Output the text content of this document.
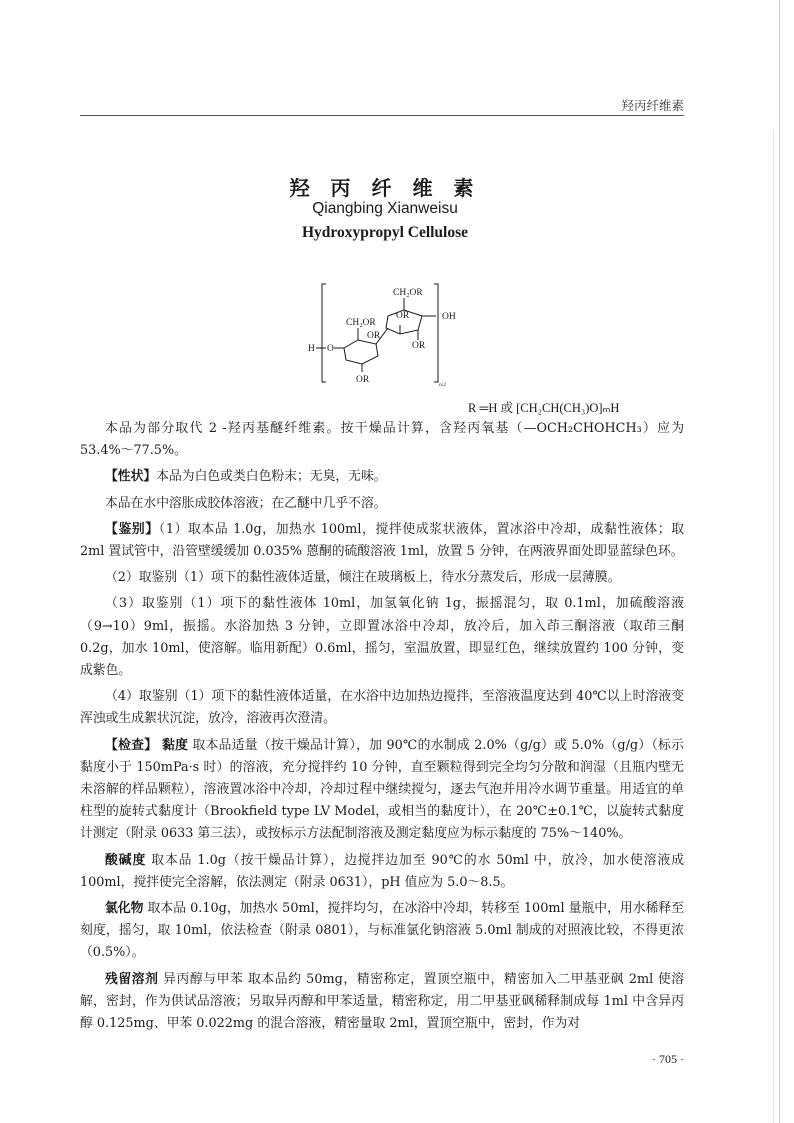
羟丙纤维素
羟 丙 纤 维 素
Qiangbing Xianweisu
Hydroxypropyl Cellulose
CH₂OR
OR	OH
CH₂OR
OR
OR
H O
OR	n/2
R ═H 或 [CH₂CH(CH₃)O]ₘH

本品为部分取代 2 -羟丙基醚纤维素。按干燥品计算，含羟丙氧基（—OCH₂CHOHCH₃）应为 53.4%～77.5%。

【性状】本品为白色或类白色粉末；无臭，无味。

本品在水中溶胀成胶体溶液；在乙醚中几乎不溶。

【鉴别】（1）取本品 1.0g，加热水 100ml，搅拌使成浆状液体，置冰浴中冷却，成黏性液体；取 2ml 置试管中，沿管壁缓缓加 0.035% 蒽酮的硫酸溶液 1ml，放置 5 分钟，在两液界面处即显蓝绿色环。

（2）取鉴别（1）项下的黏性液体适量，倾注在玻璃板上，待水分蒸发后，形成一层薄膜。

（3）取鉴别（1）项下的黏性液体 10ml，加氢氧化钠 1g，振摇混匀，取 0.1ml，加硫酸溶液（9→10）9ml，振摇。水浴加热 3 分钟，立即置冰浴中冷却，放冷后，加入茚三酮溶液（取茚三酮 0.2g，加水 10ml，使溶解。临用新配）0.6ml，摇匀，室温放置，即显红色，继续放置约 100 分钟，变成紫色。

（4）取鉴别（1）项下的黏性液体适量，在水浴中边加热边搅拌，至溶液温度达到 40℃以上时溶液变浑浊或生成絮状沉淀，放冷，溶液再次澄清。

【检查】 黏度 取本品适量（按干燥品计算），加 90℃的水制成 2.0%（g/g）或 5.0%（g/g）（标示黏度小于 150mPa·s 时）的溶液，充分搅拌约 10 分钟，直至颗粒得到完全均匀分散和润湿（且瓶内壁无未溶解的样品颗粒），溶液置冰浴中冷却，冷却过程中继续搅匀，逐去气泡并用冷水调节重量。用适宜的单柱型的旋转式黏度计（Brookfield type LV Model，或相当的黏度计），在 20℃±0.1℃，以旋转式黏度计测定（附录 0633 第三法），或按标示方法配制溶液及测定黏度应为标示黏度的 75%～140%。

酸碱度 取本品 1.0g（按干燥品计算），边搅拌边加至 90℃的水 50ml 中，放冷，加水使溶液成 100ml，搅拌使完全溶解，依法测定（附录 0631），pH 值应为 5.0～8.5。

氯化物 取本品 0.10g，加热水 50ml，搅拌均匀，在冰浴中冷却，转移至 100ml 量瓶中，用水稀释至刻度，摇匀，取 10ml，依法检查（附录 0801），与标准氯化钠溶液 5.0ml 制成的对照液比较，不得更浓（0.5%）。

残留溶剂 异丙醇与甲苯 取本品约 50mg，精密称定，置顶空瓶中，精密加入二甲基亚砜 2ml 使溶解，密封，作为供试品溶液；另取异丙醇和甲苯适量，精密称定，用二甲基亚砜稀释制成每 1ml 中含异丙醇 0.125mg、甲苯 0.022mg 的混合溶液，精密量取 2ml，置顶空瓶中，密封，作为对

· 705 ·
